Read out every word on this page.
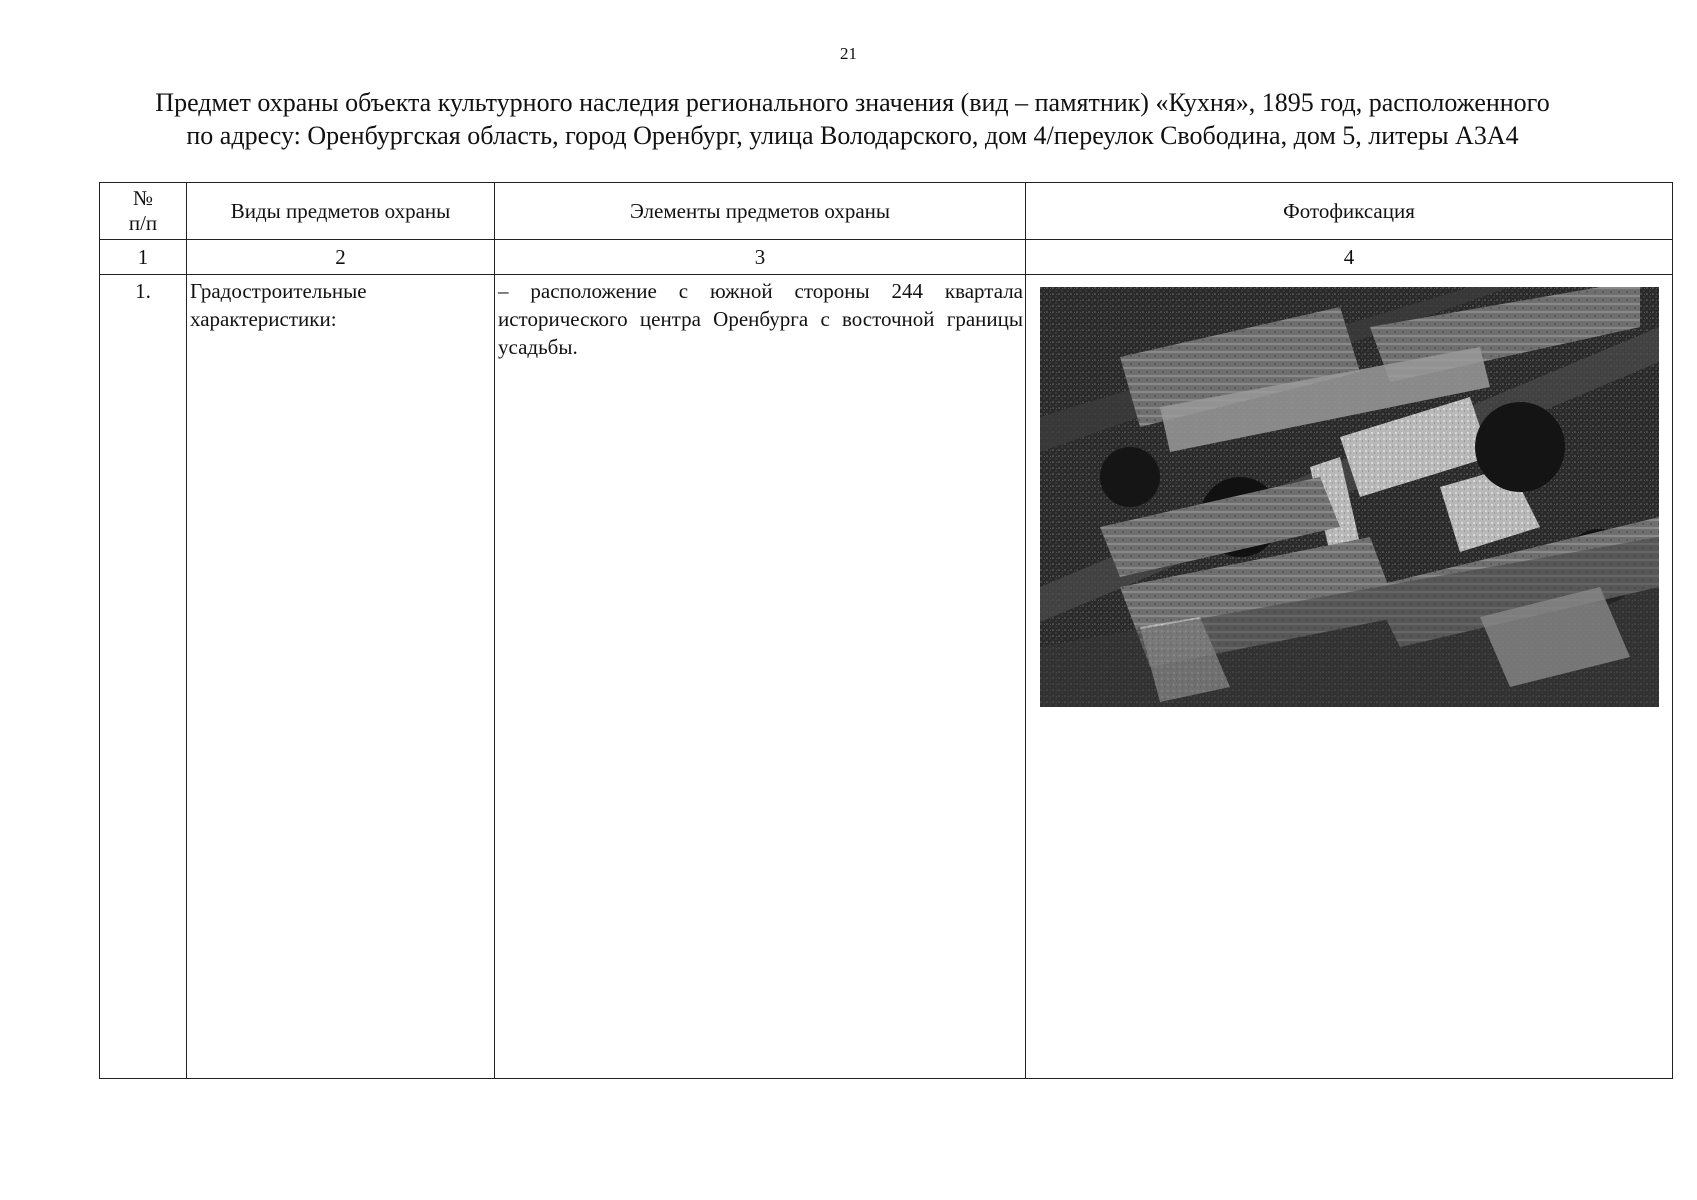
21
Предмет охраны объекта культурного наследия регионального значения (вид – памятник) «Кухня», 1895 год, расположенного
по адресу: Оренбургская область, город Оренбург, улица Володарского, дом 4/переулок Свободина, дом 5, литеры А3А4
№
п/п	Виды предметов охраны	Элементы предметов охраны	Фотофиксация
1	2	3	4
1.	Градостроительные характеристики:	– расположение с южной стороны 244 квартала исторического центра Оренбурга с восточной границы усадьбы.	
